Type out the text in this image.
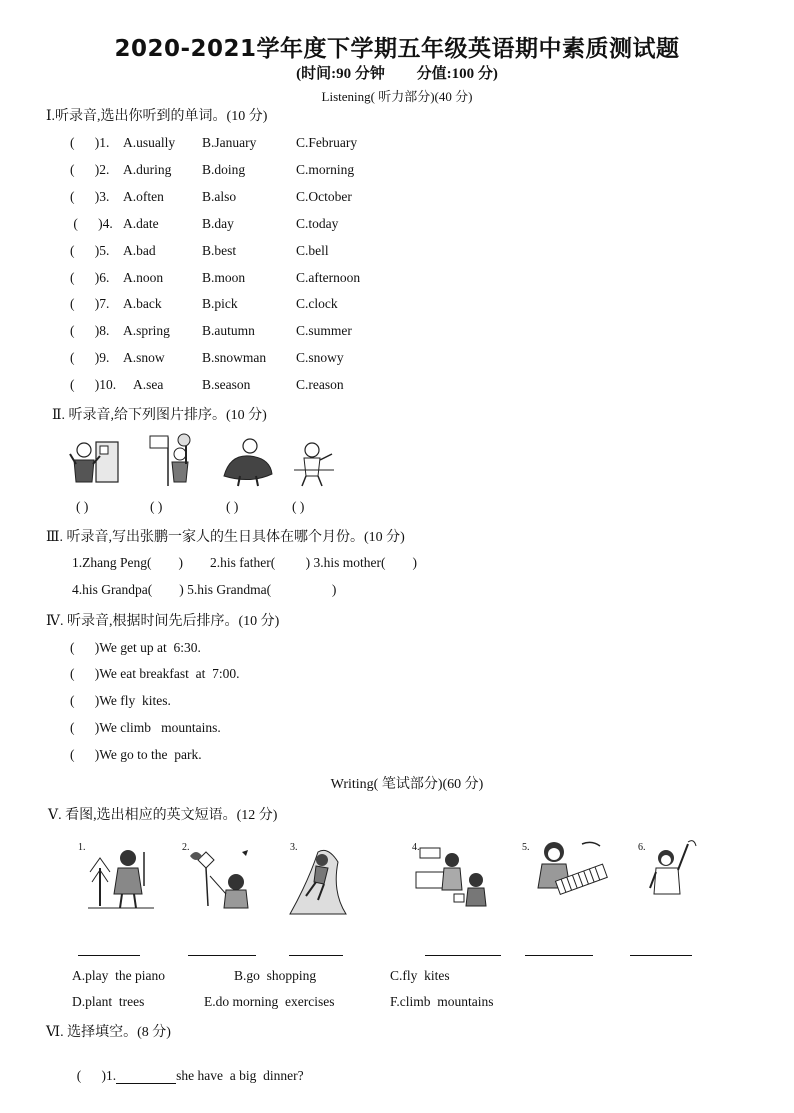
2020-2021学年度下学期五年级英语期中素质测试题
(时间:90 分钟 分值:100 分)
Listening( 听力部分)(40 分)
Ⅰ.听录音,选出你听到的单词。(10 分)
(      )1. A.usually B.January	C.February
(      )2. A.during B.doing	C.morning
(      )3. A.often	B.also	C.October
(      )4. A.date	B.day	C.today
(      )5. A.bad	B.best	C.bell
(      )6. A.noon	B.moon	C.afternoon
(      )7. A.back	B.pick	C.clock
(      )8. A.spring B.autumn	C.summer
(      )9. A.snow	B.snowman C.snowy
(      )10. A.sea	B.season	C.reason
Ⅱ. 听录音,给下列图片排序。(10 分)
( )	( )	( )	( )
Ⅲ. 听录音,写出张鹏一家人的生日具体在哪个月份。(10 分)
1.Zhang Peng(        )        2.his father(         ) 3.his mother(        )
4.his Grandpa(        ) 5.his Grandma(                  )
Ⅳ. 听录音,根据时间先后排序。(10 分)
(      )We get up at  6:30.
(      )We eat breakfast  at  7:00.
(      )We fly  kites.
(      )We climb   mountains.
(      )We go to the  park.
Writing( 笔试部分)(60 分)
Ⅴ. 看图,选出相应的英文短语。(12 分)
1.	2.	3.	4.	5.	6.
A.play  the piano	B.go  shopping	C.fly  kites
D.plant  trees	E.do morning  exercises	F.climb  mountains
Ⅵ. 选择填空。(8 分)

(      )1.	she have  a big  dinner?
